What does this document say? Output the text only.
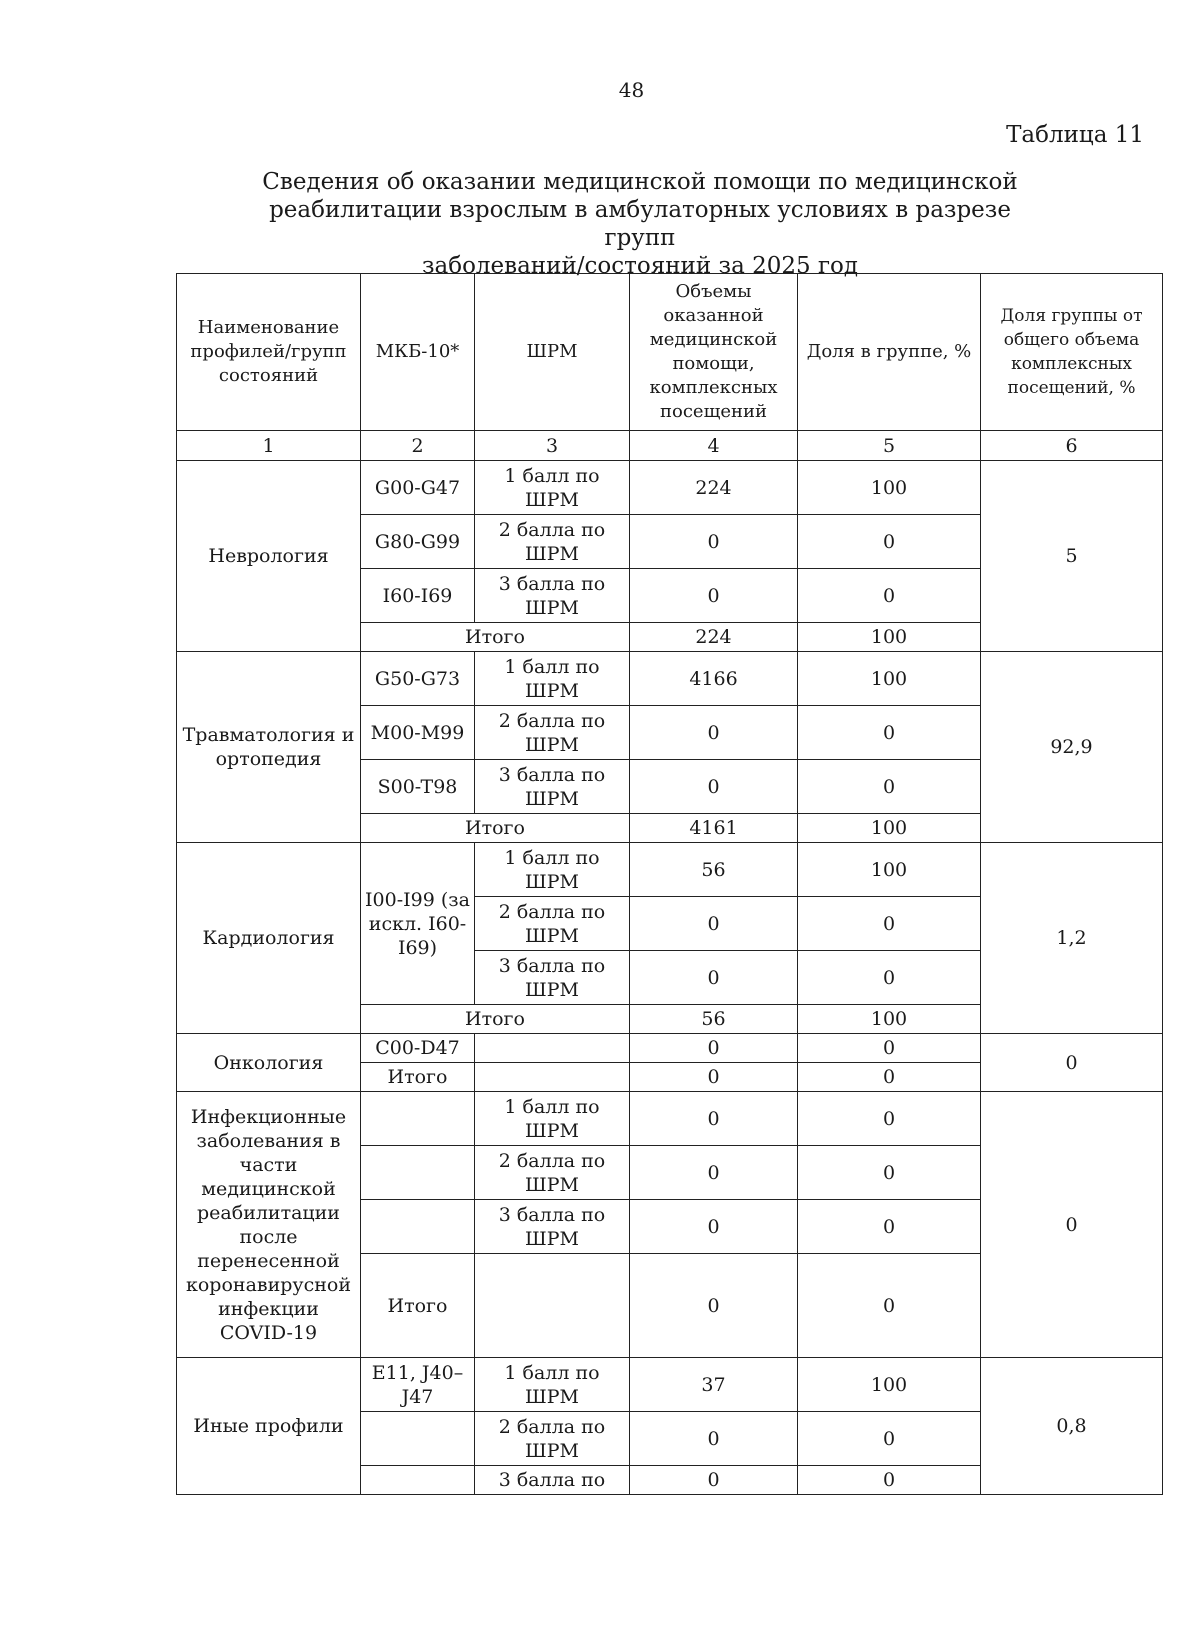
48
Таблица 11
Сведения об оказании медицинской помощи по медицинской
реабилитации взрослым в амбулаторных условиях в разрезе групп
заболеваний/состояний за 2025 год
Наименование профилей/групп состояний	МКБ-10*	ШРМ	Объемы оказанной медицинской помощи, комплексных посещений	Доля в группе, %	Доля группы от общего объема комплексных посещений, %
1	2	3	4	5	6
Неврология	G00-G47	1 балл по ШРМ	224	100	5
	G80-G99	2 балла по ШРМ	0	0	
	I60-I69	3 балла по ШРМ	0	0	
	Итого		224	100	
Травматология и ортопедия	G50-G73	1 балл по ШРМ	4166	100	92,9
	M00-M99	2 балла по ШРМ	0	0	
	S00-T98	3 балла по ШРМ	0	0	
	Итого		4161	100	
Кардиология	I00-I99 (за искл. I60-I69)	1 балл по ШРМ	56	100	1,2
		2 балла по ШРМ	0	0	
		3 балла по ШРМ	0	0	
	Итого		56	100	
Онкология	C00-D47		0	0	0
	Итого		0	0	
Инфекционные заболевания в части медицинской реабилитации после перенесенной коронавирусной инфекции COVID-19		1 балл по ШРМ	0	0	0
		2 балла по ШРМ	0	0	
		3 балла по ШРМ	0	0	
	Итого		0	0	
Иные профили	E11, J40–J47	1 балл по ШРМ	37	100	0,8
		2 балла по ШРМ	0	0	
		3 балла по	0	0	
